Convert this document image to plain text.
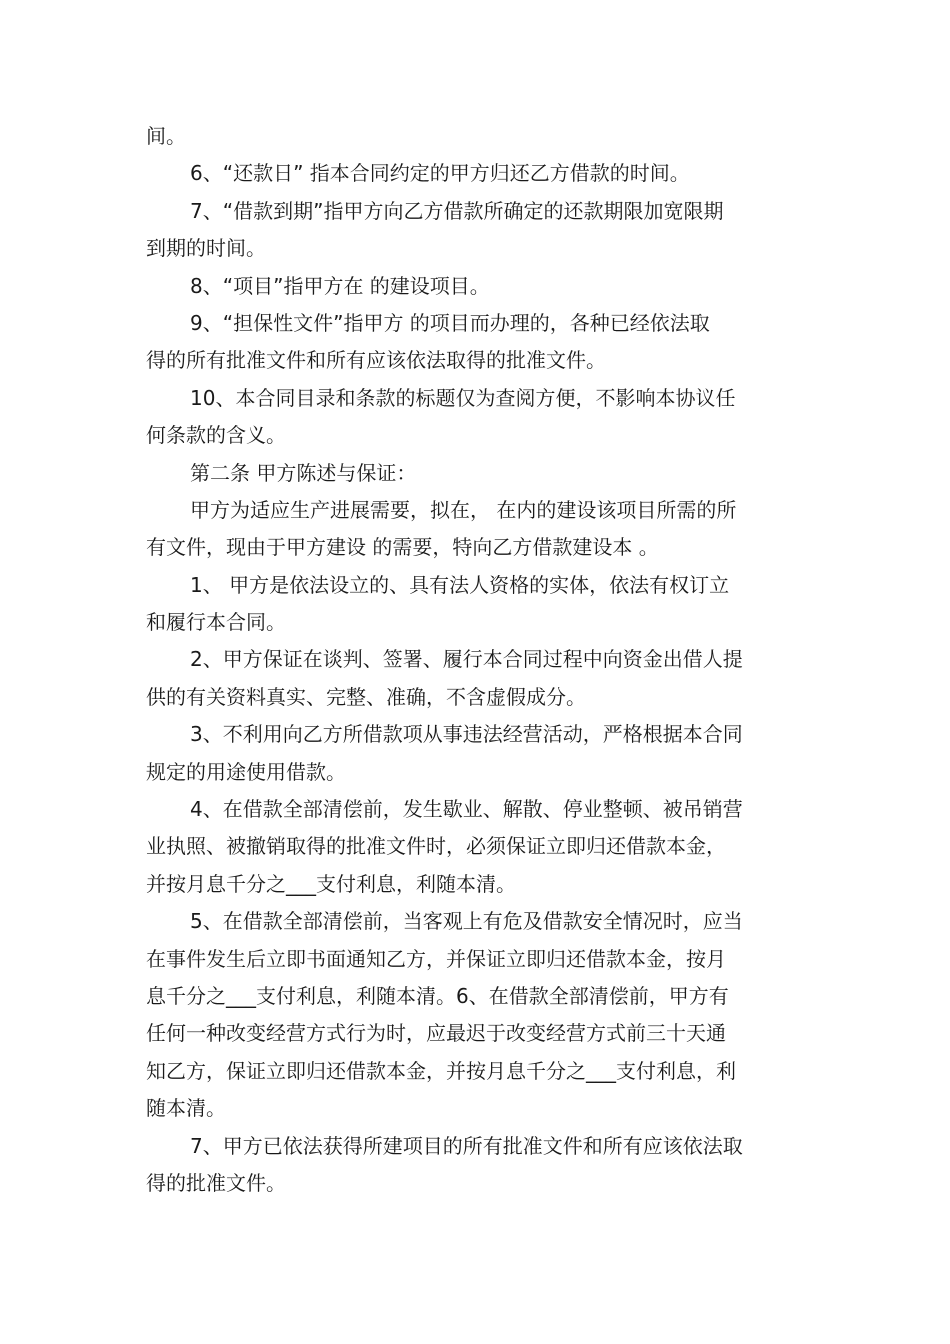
间。
6、“还款日” 指本合同约定的甲方归还乙方借款的时间。
7、“借款到期”指甲方向乙方借款所确定的还款期限加宽限期
到期的时间。
8、“项目”指甲方在 的建设项目。
9、“担保性文件”指甲方 的项目而办理的，各种已经依法取
得的所有批准文件和所有应该依法取得的批准文件。
10、本合同目录和条款的标题仅为查阅方便，不影响本协议任
何条款的含义。
第二条 甲方陈述与保证：
甲方为适应生产进展需要，拟在， 在内的建设该项目所需的所
有文件，现由于甲方建设 的需要，特向乙方借款建设本 。
1、 甲方是依法设立的、具有法人资格的实体，依法有权订立
和履行本合同。
2、甲方保证在谈判、签署、履行本合同过程中向资金出借人提
供的有关资料真实、完整、准确，不含虚假成分。
3、不利用向乙方所借款项从事违法经营活动，严格根据本合同
规定的用途使用借款。
4、在借款全部清偿前，发生歇业、解散、停业整顿、被吊销营
业执照、被撤销取得的批准文件时，必须保证立即归还借款本金，
并按月息千分之___支付利息，利随本清。
5、在借款全部清偿前，当客观上有危及借款安全情况时，应当
在事件发生后立即书面通知乙方，并保证立即归还借款本金，按月
息千分之___支付利息，利随本清。6、在借款全部清偿前，甲方有
任何一种改变经营方式行为时，应最迟于改变经营方式前三十天通
知乙方，保证立即归还借款本金，并按月息千分之___支付利息，利
随本清。
7、甲方已依法获得所建项目的所有批准文件和所有应该依法取
得的批准文件。
